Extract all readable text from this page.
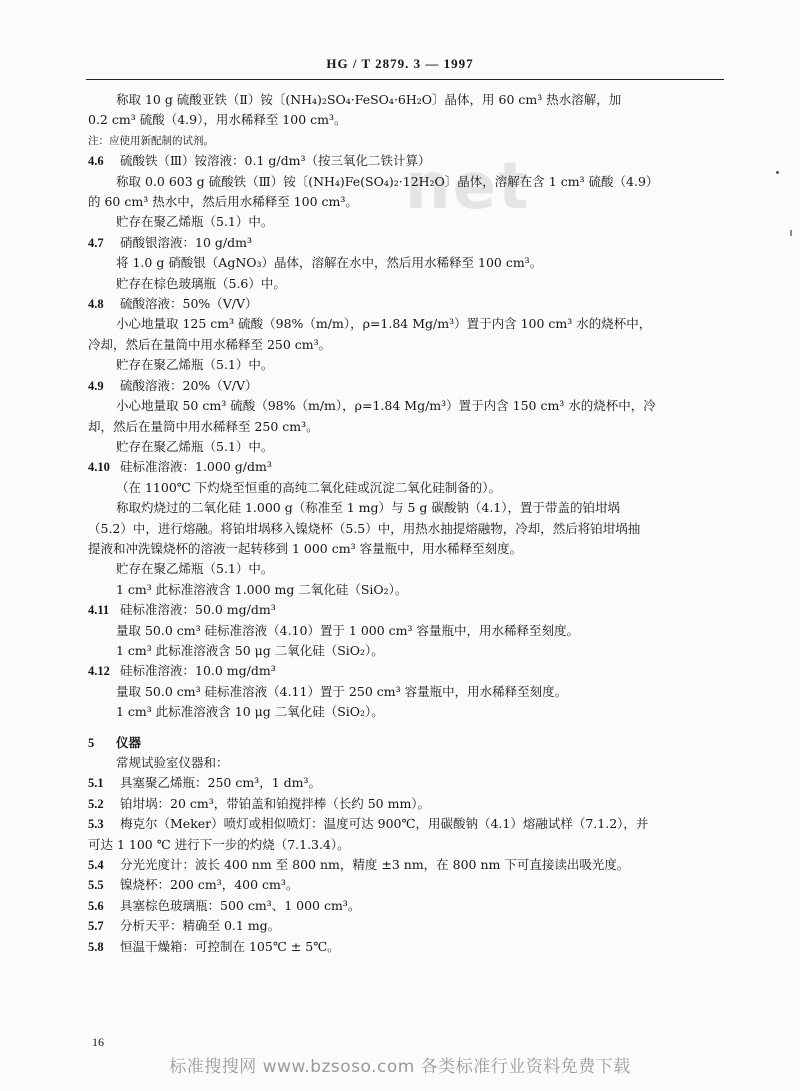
net
HG / T 2879. 3 — 1997
称取 10 g 硫酸亚铁（Ⅱ）铵〔(NH₄)₂SO₄·FeSO₄·6H₂O〕晶体，用 60 cm³ 热水溶解，加
0.2 cm³ 硫酸（4.9），用水稀释至 100 cm³。
注：应使用新配制的试剂。
4.6 硫酸铁（Ⅲ）铵溶液：0.1 g/dm³（按三氧化二铁计算）
称取 0.0 603 g 硫酸铁（Ⅲ）铵〔(NH₄)Fe(SO₄)₂·12H₂O〕晶体，溶解在含 1 cm³ 硫酸（4.9）
的 60 cm³ 热水中，然后用水稀释至 100 cm³。
贮存在聚乙烯瓶（5.1）中。
4.7 硝酸银溶液：10 g/dm³
将 1.0 g 硝酸银（AgNO₃）晶体，溶解在水中，然后用水稀释至 100 cm³。
贮存在棕色玻璃瓶（5.6）中。
4.8 硫酸溶液：50%（V/V）
小心地量取 125 cm³ 硫酸（98%（m/m），ρ=1.84 Mg/m³）置于内含 100 cm³ 水的烧杯中，
冷却，然后在量筒中用水稀释至 250 cm³。
贮存在聚乙烯瓶（5.1）中。
4.9 硫酸溶液：20%（V/V）
小心地量取 50 cm³ 硫酸（98%（m/m），ρ=1.84 Mg/m³）置于内含 150 cm³ 水的烧杯中，冷
却，然后在量筒中用水稀释至 250 cm³。
贮存在聚乙烯瓶（5.1）中。
4.10 硅标准溶液：1.000 g/dm³
（在 1100℃ 下灼烧至恒重的高纯二氧化硅或沉淀二氧化硅制备的）。
称取灼烧过的二氧化硅 1.000 g（称准至 1 mg）与 5 g 碳酸钠（4.1），置于带盖的铂坩埚
（5.2）中，进行熔融。将铂坩埚移入镍烧杯（5.5）中，用热水抽提熔融物，冷却，然后将铂坩埚抽
提液和冲洗镍烧杯的溶液一起转移到 1 000 cm³ 容量瓶中，用水稀释至刻度。
贮存在聚乙烯瓶（5.1）中。
1 cm³ 此标准溶液含 1.000 mg 二氧化硅（SiO₂）。
4.11 硅标准溶液：50.0 mg/dm³
量取 50.0 cm³ 硅标准溶液（4.10）置于 1 000 cm³ 容量瓶中，用水稀释至刻度。
1 cm³ 此标准溶液含 50 μg 二氧化硅（SiO₂）。
4.12 硅标准溶液：10.0 mg/dm³
量取 50.0 cm³ 硅标准溶液（4.11）置于 250 cm³ 容量瓶中，用水稀释至刻度。
1 cm³ 此标准溶液含 10 μg 二氧化硅（SiO₂）。
5 仪器
常规试验室仪器和：
5.1 具塞聚乙烯瓶：250 cm³，1 dm³。
5.2 铂坩埚：20 cm³，带铂盖和铂搅拌棒（长约 50 mm）。
5.3 梅克尔（Meker）喷灯或相似喷灯：温度可达 900℃，用碳酸钠（4.1）熔融试样（7.1.2），并
可达 1 100 ℃ 进行下一步的灼烧（7.1.3.4）。
5.4 分光光度计：波长 400 nm 至 800 nm，精度 ±3 nm，在 800 nm 下可直接读出吸光度。
5.5 镍烧杯：200 cm³，400 cm³。
5.6 具塞棕色玻璃瓶：500 cm³、1 000 cm³。
5.7 分析天平：精确至 0.1 mg。
5.8 恒温干燥箱：可控制在 105℃ ± 5℃。
16
标准搜搜网 www.bzsoso.com 各类标准行业资料免费下载
